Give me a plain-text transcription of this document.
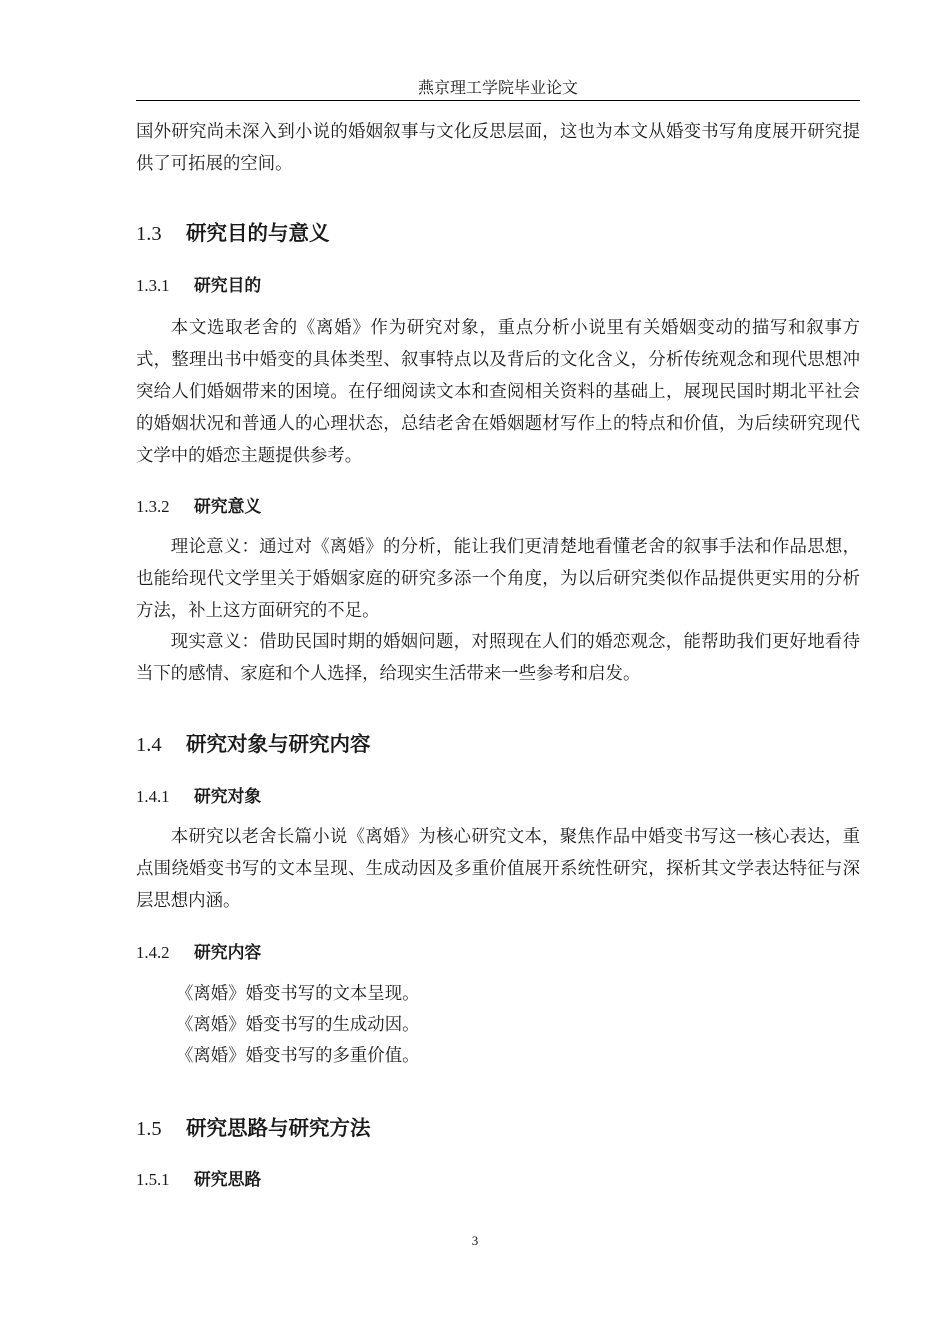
燕京理工学院毕业论文
国外研究尚未深入到小说的婚姻叙事与文化反思层面，这也为本文从婚变书写角度展开研究提供了可拓展的空间。
1.3 研究目的与意义
1.3.1 研究目的
本文选取老舍的《离婚》作为研究对象，重点分析小说里有关婚姻变动的描写和叙事方式，整理出书中婚变的具体类型、叙事特点以及背后的文化含义，分析传统观念和现代思想冲突给人们婚姻带来的困境。在仔细阅读文本和查阅相关资料的基础上，展现民国时期北平社会的婚姻状况和普通人的心理状态，总结老舍在婚姻题材写作上的特点和价值，为后续研究现代文学中的婚恋主题提供参考。
1.3.2 研究意义
理论意义：通过对《离婚》的分析，能让我们更清楚地看懂老舍的叙事手法和作品思想，也能给现代文学里关于婚姻家庭的研究多添一个角度，为以后研究类似作品提供更实用的分析方法，补上这方面研究的不足。
现实意义：借助民国时期的婚姻问题，对照现在人们的婚恋观念，能帮助我们更好地看待当下的感情、家庭和个人选择，给现实生活带来一些参考和启发。
1.4 研究对象与研究内容
1.4.1 研究对象
本研究以老舍长篇小说《离婚》为核心研究文本，聚焦作品中婚变书写这一核心表达，重点围绕婚变书写的文本呈现、生成动因及多重价值展开系统性研究，探析其文学表达特征与深层思想内涵。
1.4.2 研究内容
《离婚》婚变书写的文本呈现。
《离婚》婚变书写的生成动因。
《离婚》婚变书写的多重价值。
1.5 研究思路与研究方法
1.5.1 研究思路
3
